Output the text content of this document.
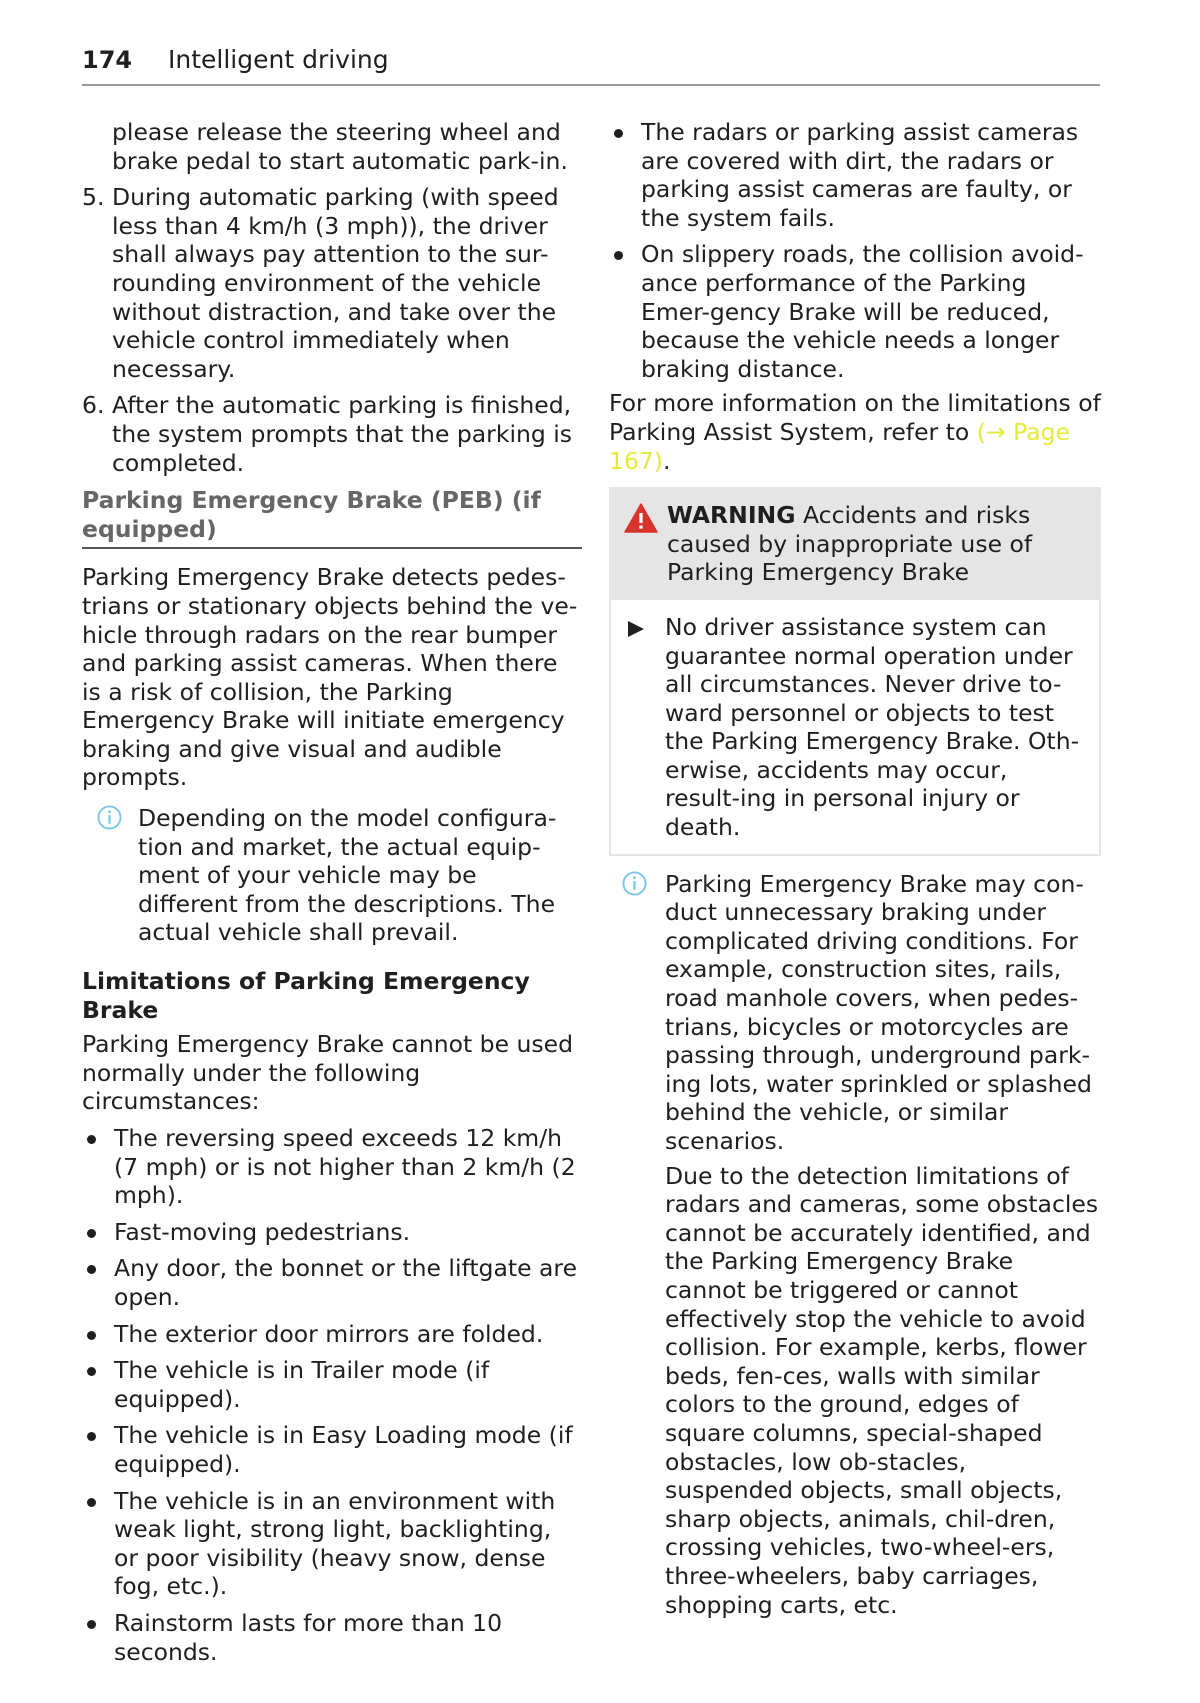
174 Intelligent driving

please release the steering wheel and brake pedal to start automatic park-in.

5. During automatic parking (with speed less than 4 km/h (3 mph)), the driver shall always pay attention to the sur-rounding environment of the vehicle without distraction, and take over the vehicle control immediately when necessary.

6. After the automatic parking is finished, the system prompts that the parking is completed.

Parking Emergency Brake (PEB) (if equipped)

Parking Emergency Brake detects pedes-trians or stationary objects behind the ve-hicle through radars on the rear bumper and parking assist cameras. When there is a risk of collision, the Parking Emergency Brake will initiate emergency braking and give visual and audible prompts.

Depending on the model configura-tion and market, the actual equip-ment of your vehicle may be different from the descriptions. The actual vehicle shall prevail.

Limitations of Parking Emergency Brake

Parking Emergency Brake cannot be used normally under the following circumstances:

The reversing speed exceeds 12 km/h (7 mph) or is not higher than 2 km/h (2 mph).
Fast-moving pedestrians.
Any door, the bonnet or the liftgate are open.
The exterior door mirrors are folded.
The vehicle is in Trailer mode (if equipped).
The vehicle is in Easy Loading mode (if equipped).
The vehicle is in an environment with weak light, strong light, backlighting, or poor visibility (heavy snow, dense fog, etc.).
Rainstorm lasts for more than 10 seconds.
The radars or parking assist cameras are covered with dirt, the radars or parking assist cameras are faulty, or the system fails.
On slippery roads, the collision avoid-ance performance of the Parking Emer-gency Brake will be reduced, because the vehicle needs a longer braking distance.

For more information on the limitations of Parking Assist System, refer to (→ Page 167).

WARNING Accidents and risks caused by inappropriate use of Parking Emergency Brake

No driver assistance system can guarantee normal operation under all circumstances. Never drive to-ward personnel or objects to test the Parking Emergency Brake. Oth-erwise, accidents may occur, result-ing in personal injury or death.

Parking Emergency Brake may con-duct unnecessary braking under complicated driving conditions. For example, construction sites, rails, road manhole covers, when pedes-trians, bicycles or motorcycles are passing through, underground park-ing lots, water sprinkled or splashed behind the vehicle, or similar scenarios.

Due to the detection limitations of radars and cameras, some obstacles cannot be accurately identified, and the Parking Emergency Brake cannot be triggered or cannot effectively stop the vehicle to avoid collision. For example, kerbs, flower beds, fen-ces, walls with similar colors to the ground, edges of square columns, special-shaped obstacles, low ob-stacles, suspended objects, small objects, sharp objects, animals, chil-dren, crossing vehicles, two-wheel-ers, three-wheelers, baby carriages, shopping carts, etc.
